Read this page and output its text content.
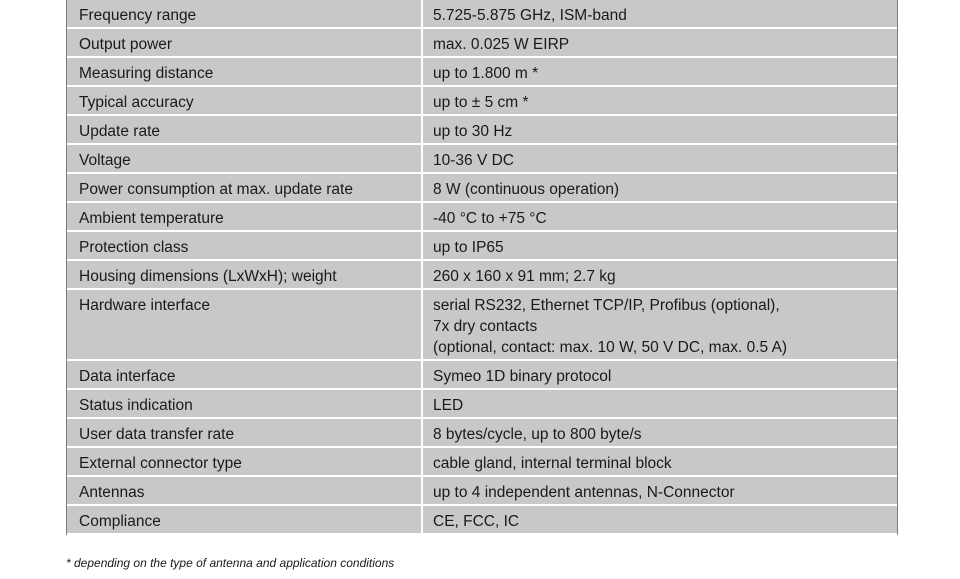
Frequency range	5.725-5.875 GHz, ISM-band
Output power	max. 0.025 W EIRP
Measuring distance	up to 1.800 m *
Typical accuracy	up to ± 5 cm *
Update rate	up to 30 Hz
Voltage	10-36 V DC
Power consumption at max. update rate	8 W (continuous operation)
Ambient temperature	-40 °C to +75 °C
Protection class	up to IP65
Housing dimensions (LxWxH); weight	260 x 160 x 91 mm; 2.7 kg
Hardware interface	serial RS232, Ethernet TCP/IP, Profibus (optional),
7x dry contacts
(optional, contact: max. 10 W, 50 V DC, max. 0.5 A)
Data interface	Symeo 1D binary protocol
Status indication	LED
User data transfer rate	8 bytes/cycle, up to 800 byte/s
External connector type	cable gland, internal terminal block
Antennas	up to 4 independent antennas, N-Connector
Compliance	CE, FCC, IC
* depending on the type of antenna and application conditions
